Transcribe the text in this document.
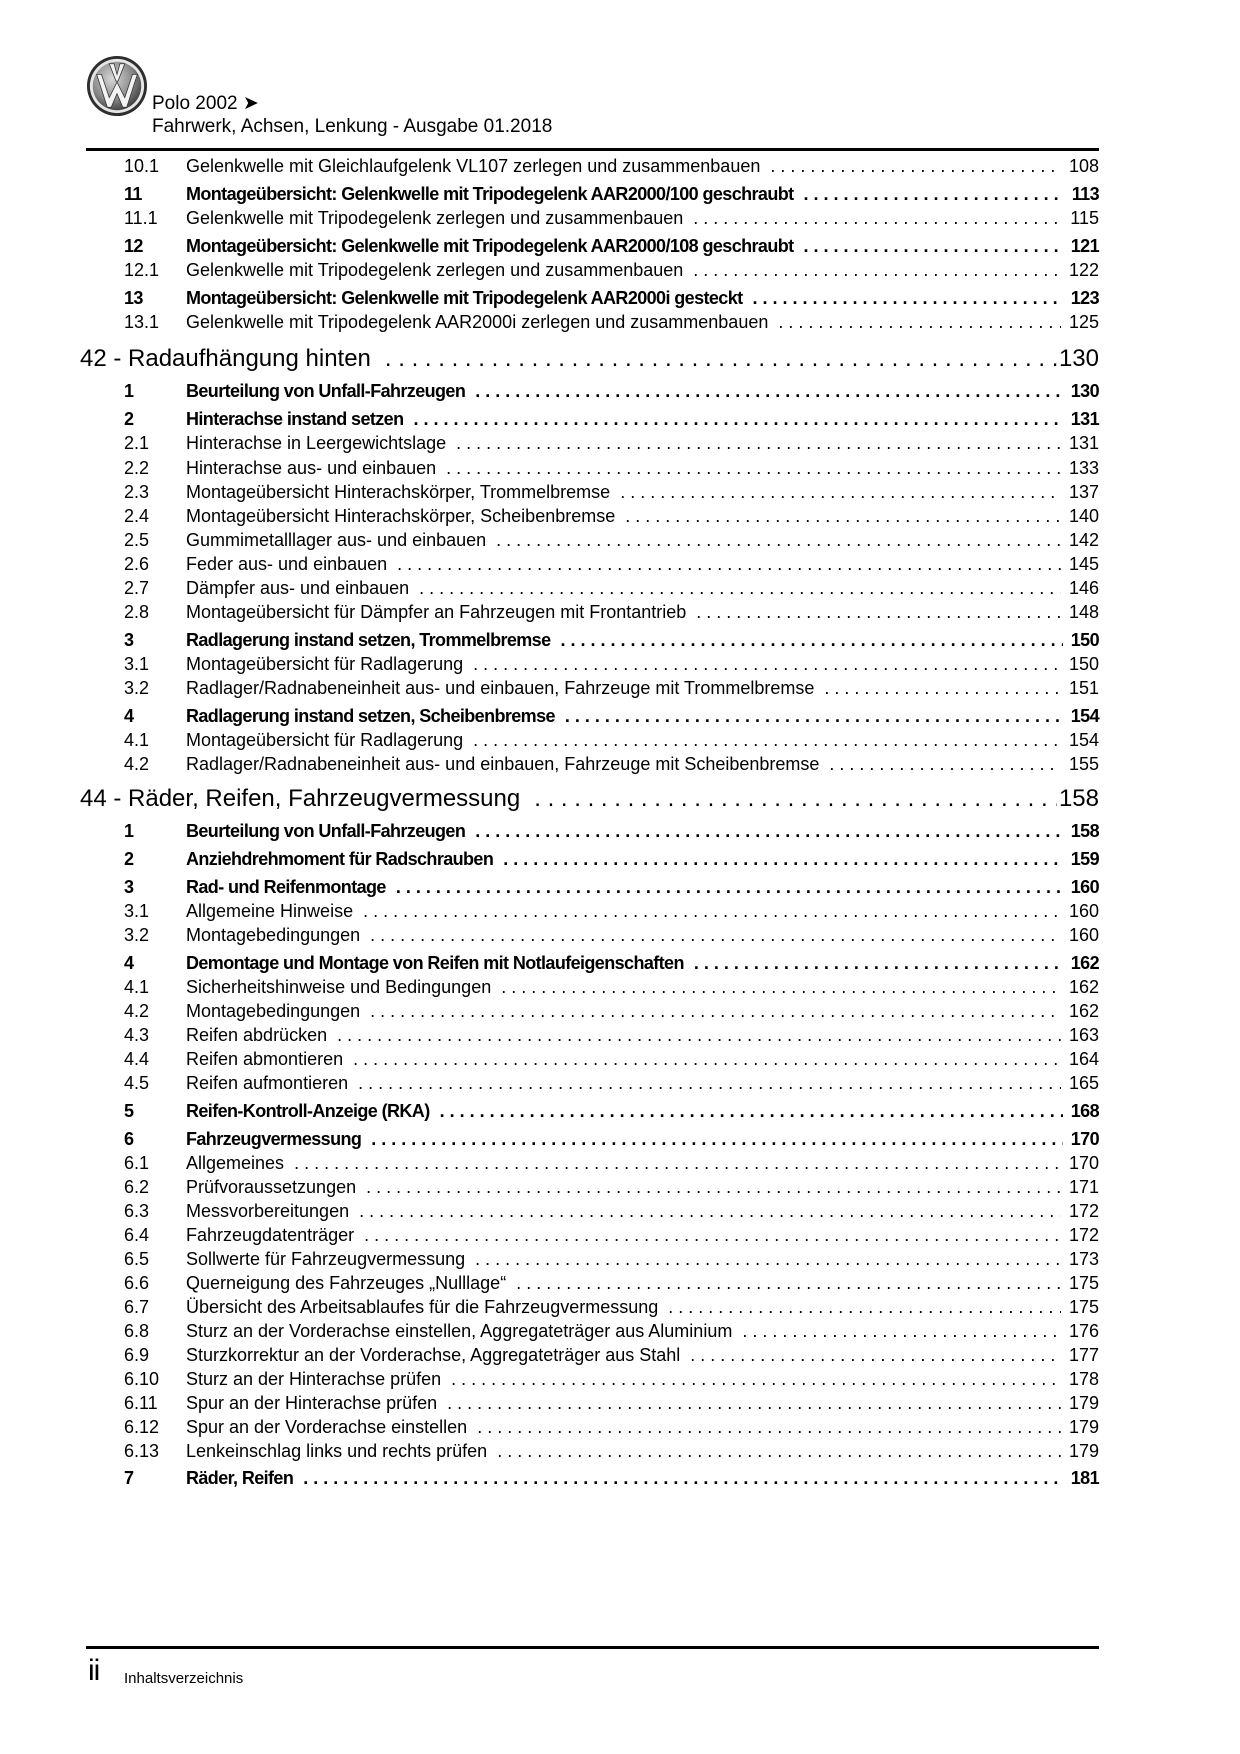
Polo 2002 ➤
Fahrwerk, Achsen, Lenkung - Ausgabe 01.2018
10.1	Gelenkwelle mit Gleichlaufgelenk VL107 zerlegen und zusammenbauen . . .	108
11	Montageübersicht: Gelenkwelle mit Tripodegelenk AAR2000/100 geschraubt . . .	113
11.1	Gelenkwelle mit Tripodegelenk zerlegen und zusammenbauen . . .	115
12	Montageübersicht: Gelenkwelle mit Tripodegelenk AAR2000/108 geschraubt . . .	121
12.1	Gelenkwelle mit Tripodegelenk zerlegen und zusammenbauen . . .	122
13	Montageübersicht: Gelenkwelle mit Tripodegelenk AAR2000i gesteckt . . .	123
13.1	Gelenkwelle mit Tripodegelenk AAR2000i zerlegen und zusammenbauen . . .	125
42 - Radaufhängung hinten . . .	130
1	Beurteilung von Unfall-Fahrzeugen . . .	130
2	Hinterachse instand setzen . . .	131
2.1	Hinterachse in Leergewichtslage . . .	131
2.2	Hinterachse aus- und einbauen . . .	133
2.3	Montageübersicht Hinterachskörper, Trommelbremse . . .	137
2.4	Montageübersicht Hinterachskörper, Scheibenbremse . . .	140
2.5	Gummimetalllager aus- und einbauen . . .	142
2.6	Feder aus- und einbauen . . .	145
2.7	Dämpfer aus- und einbauen . . .	146
2.8	Montageübersicht für Dämpfer an Fahrzeugen mit Frontantrieb . . .	148
3	Radlagerung instand setzen, Trommelbremse . . .	150
3.1	Montageübersicht für Radlagerung . . .	150
3.2	Radlager/Radnabeneinheit aus- und einbauen, Fahrzeuge mit Trommelbremse . . .	151
4	Radlagerung instand setzen, Scheibenbremse . . .	154
4.1	Montageübersicht für Radlagerung . . .	154
4.2	Radlager/Radnabeneinheit aus- und einbauen, Fahrzeuge mit Scheibenbremse . . .	155
44 - Räder, Reifen, Fahrzeugvermessung . . .	158
1	Beurteilung von Unfall-Fahrzeugen . . .	158
2	Anziehdrehmoment für Radschrauben . . .	159
3	Rad- und Reifenmontage . . .	160
3.1	Allgemeine Hinweise . . .	160
3.2	Montagebedingungen . . .	160
4	Demontage und Montage von Reifen mit Notlaufeigenschaften . . .	162
4.1	Sicherheitshinweise und Bedingungen . . .	162
4.2	Montagebedingungen . . .	162
4.3	Reifen abdrücken . . .	163
4.4	Reifen abmontieren . . .	164
4.5	Reifen aufmontieren . . .	165
5	Reifen-Kontroll-Anzeige (RKA) . . .	168
6	Fahrzeugvermessung . . .	170
6.1	Allgemeines . . .	170
6.2	Prüfvoraussetzungen . . .	171
6.3	Messvorbereitungen . . .	172
6.4	Fahrzeugdatenträger . . .	172
6.5	Sollwerte für Fahrzeugvermessung . . .	173
6.6	Querneigung des Fahrzeuges „Nulllage“ . . .	175
6.7	Übersicht des Arbeitsablaufes für die Fahrzeugvermessung . . .	175
6.8	Sturz an der Vorderachse einstellen, Aggregateträger aus Aluminium . . .	176
6.9	Sturzkorrektur an der Vorderachse, Aggregateträger aus Stahl . . .	177
6.10	Sturz an der Hinterachse prüfen . . .	178
6.11	Spur an der Hinterachse prüfen . . .	179
6.12	Spur an der Vorderachse einstellen . . .	179
6.13	Lenkeinschlag links und rechts prüfen . . .	179
7	Räder, Reifen . . .	181
ii Inhaltsverzeichnis
